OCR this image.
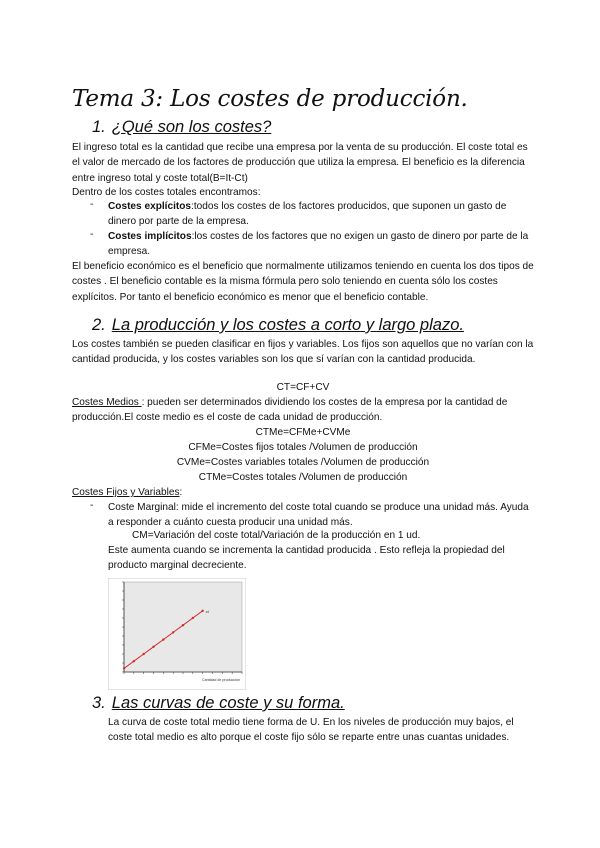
Tema 3: Los costes de producción.
1. ¿Qué son los costes?

El ingreso total es la cantidad que recibe una empresa por la venta de su producción. El coste total es el valor de mercado de los factores de producción que utiliza la empresa. El beneficio es la diferencia entre ingreso total y coste total(B=It-Ct)

Dentro de los costes totales encontramos:

- Costes explícitos:todos los costes de los factores producidos, que suponen un gasto de dinero por parte de la empresa.

- Costes implícitos:los costes de los factores que no exigen un gasto de dinero por parte de la empresa.

El beneficio económico es el beneficio que normalmente utilizamos teniendo en cuenta los dos tipos de costes . El beneficio contable es la misma fórmula pero solo teniendo en cuenta sólo los costes explícitos. Por tanto el beneficio económico es menor que el beneficio contable.

2. La producción y los costes a corto y largo plazo.

Los costes también se pueden clasificar en fijos y variables. Los fijos son aquellos que no varían con la cantidad producida, y los costes variables son los que sí varían con la cantidad producida.

CT=CF+CV

Costes Medios : pueden ser determinados dividiendo los costes de la empresa por la cantidad de producción.El coste medio es el coste de cada unidad de producción.

CTMe=CFMe+CVMe
CFMe=Costes fijos totales /Volumen de producción
CVMe=Costes variables totales /Volumen de producción
CTMe=Costes totales /Volumen de producción
Costes Fijos y Variables:
- Coste Marginal: mide el incremento del coste total cuando se produce una unidad más. Ayuda a responder a cuánto cuesta producir una unidad más.

CM=Variación del coste total/Variación de la producción en 1 ud.

Este aumenta cuando se incrementa la cantidad producida . Esto refleja la propiedad del producto marginal decreciente.

ct
Cantidad de producción
3. Las curvas de coste y su forma.

La curva de coste total medio tiene forma de U. En los niveles de producción muy bajos, el coste total medio es alto porque el coste fijo sólo se reparte entre unas cuantas unidades.
